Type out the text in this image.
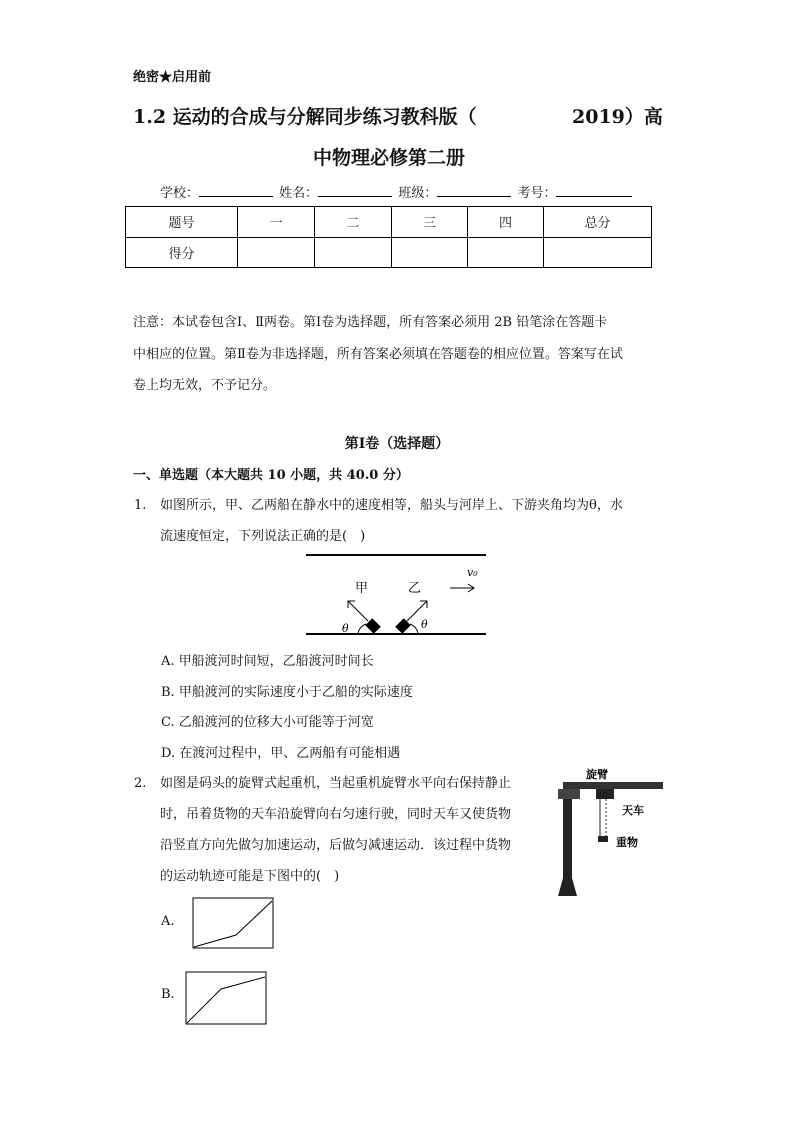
绝密★启用前
1.2 运动的合成与分解同步练习教科版（	2019）高
中物理必修第二册
学校：	姓名：	班级：	考号：
题号	一	二	三	四	总分
得分					
注意：本试卷包含Ⅰ、Ⅱ两卷。第Ⅰ卷为选择题，所有答案必须用 2B 铅笔涂在答题卡
中相应的位置。第Ⅱ卷为非选择题，所有答案必须填在答题卷的相应位置。答案写在试
卷上均无效，不予记分。
第Ⅰ卷（选择题）
一、单选题（本大题共 10 小题，共 40.0 分）
1. 如图所示，甲、乙两船在静水中的速度相等，船头与河岸上、下游夹角均为θ，水
流速度恒定，下列说法正确的是(　)
甲	乙
v₀
θ	θ
A. 甲船渡河时间短，乙船渡河时间长
B. 甲船渡河的实际速度小于乙船的实际速度
C. 乙船渡河的位移大小可能等于河宽
D. 在渡河过程中，甲、乙两船有可能相遇
2. 如图是码头的旋臂式起重机，当起重机旋臂水平向右保持静止
时，吊着货物的天车沿旋臂向右匀速行驶，同时天车又使货物
沿竖直方向先做匀加速运动，后做匀减速运动．该过程中货物
的运动轨迹可能是下图中的(　)
旋臂
天车
重物
A.
B.
